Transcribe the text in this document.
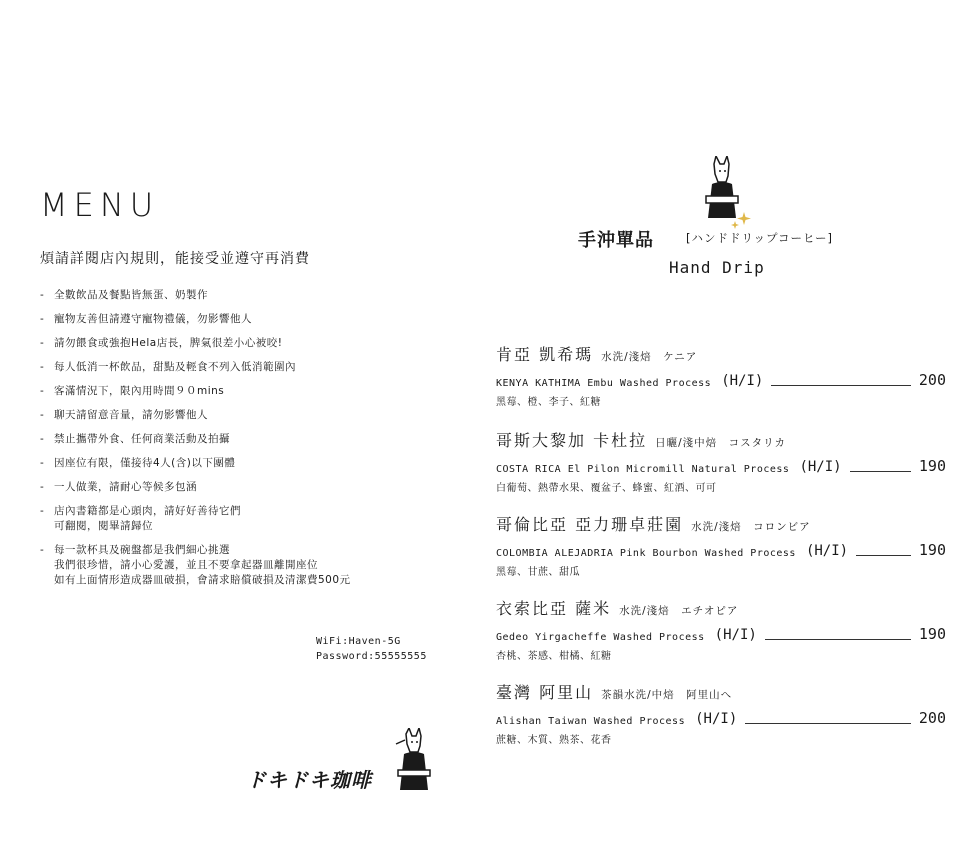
MENU
煩請詳閱店內規則，能接受並遵守再消費
- 全數飲品及餐點皆無蛋、奶製作
- 寵物友善但請遵守寵物禮儀，勿影響他人
- 請勿餵食或強抱Hela店長，脾氣很差小心被咬!
- 每人低消一杯飲品，甜點及輕食不列入低消範圍內
- 客滿情況下，限內用時間９０mins
- 聊天請留意音量，請勿影響他人
- 禁止攜帶外食、任何商業活動及拍攝
- 因座位有限，僅接待4人(含)以下團體
- 一人做業，請耐心等候多包涵
- 店內書籍都是心頭肉，請好好善待它們
可翻閱，閱畢請歸位
- 每一款杯具及碗盤都是我們細心挑選
我們很珍惜，請小心愛護，並且不要拿起器皿離開座位
如有上面情形造成器皿破損，會請求賠償破損及清潔費500元
WiFi:Haven-5G
Password:55555555
ドキドキ珈啡
手沖單品	[ハンドドリップコーヒー]
Hand Drip
肯亞 凱希瑪 水洗/淺焙　ケニア
KENYA KATHIMA Embu Washed Process (H/I)	200
黑莓、橙、李子、紅糖
哥斯大黎加 卡杜拉 日曬/淺中焙　コスタリカ
COSTA RICA El Pilon Micromill Natural Process (H/I)	190
白葡萄、熱帶水果、覆盆子、蜂蜜、紅酒、可可
哥倫比亞 亞力珊卓莊園 水洗/淺焙　コロンビア
COLOMBIA ALEJADRIA Pink Bourbon Washed Process (H/I)	190
黑莓、甘蔗、甜瓜
衣索比亞 薩米 水洗/淺焙　エチオピア
Gedeo Yirgacheffe Washed Process (H/I)	190
杏桃、茶感、柑橘、紅糖
臺灣 阿里山 茶韻水洗/中焙　阿里山へ
Alishan Taiwan Washed Process (H/I)	200
蔗糖、木質、熟茶、花香
